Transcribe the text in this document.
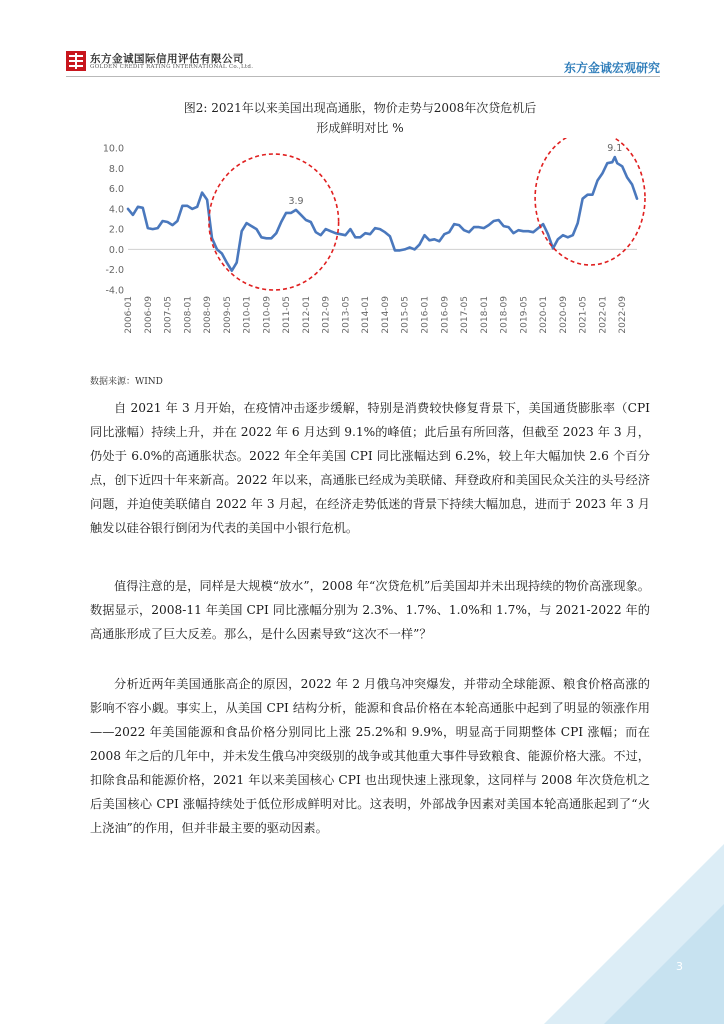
东方金诚国际信用评估有限公司
GOLDEN CREDIT RATING INTERNATIONAL Co.,Ltd.	东方金诚宏观研究
图2: 2021年以来美国出现高通胀，物价走势与2008年次贷危机后
形成鲜明对比 %
10.0
8.0
6.0
4.0
2.0
0.0
-2.0
-4.0
2006-01 2006-09 2007-05 2008-01 2008-09 2009-05 2010-01 2010-09 2011-05 2012-01 2012-09 2013-05 2014-01 2014-09 2015-05 2016-01 2016-09 2017-05 2018-01 2018-09 2019-05 2020-01 2020-09 2021-05 2022-01 2022-09
3.9
9.1
数据来源：WIND

自 2021 年 3 月开始，在疫情冲击逐步缓解，特别是消费较快修复背景下，美国通货膨胀率（CPI 同比涨幅）持续上升，并在 2022 年 6 月达到 9.1%的峰值；此后虽有所回落，但截至 2023 年 3 月，仍处于 6.0%的高通胀状态。2022 年全年美国 CPI 同比涨幅达到 6.2%，较上年大幅加快 2.6 个百分点，创下近四十年来新高。2022 年以来，高通胀已经成为美联储、拜登政府和美国民众关注的头号经济问题，并迫使美联储自 2022 年 3 月起，在经济走势低迷的背景下持续大幅加息，进而于 2023 年 3 月触发以硅谷银行倒闭为代表的美国中小银行危机。

值得注意的是，同样是大规模“放水”，2008 年“次贷危机”后美国却并未出现持续的物价高涨现象。数据显示，2008-11 年美国 CPI 同比涨幅分别为 2.3%、1.7%、1.0%和 1.7%，与 2021-2022 年的高通胀形成了巨大反差。那么，是什么因素导致“这次不一样”？

分析近两年美国通胀高企的原因，2022 年 2 月俄乌冲突爆发，并带动全球能源、粮食价格高涨的影响不容小觑。事实上，从美国 CPI 结构分析，能源和食品价格在本轮高通胀中起到了明显的领涨作用——2022 年美国能源和食品价格分别同比上涨 25.2%和 9.9%，明显高于同期整体 CPI 涨幅；而在 2008 年之后的几年中，并未发生俄乌冲突级别的战争或其他重大事件导致粮食、能源价格大涨。不过，扣除食品和能源价格，2021 年以来美国核心 CPI 也出现快速上涨现象，这同样与 2008 年次贷危机之后美国核心 CPI 涨幅持续处于低位形成鲜明对比。这表明，外部战争因素对美国本轮高通胀起到了“火上浇油”的作用，但并非最主要的驱动因素。

3
